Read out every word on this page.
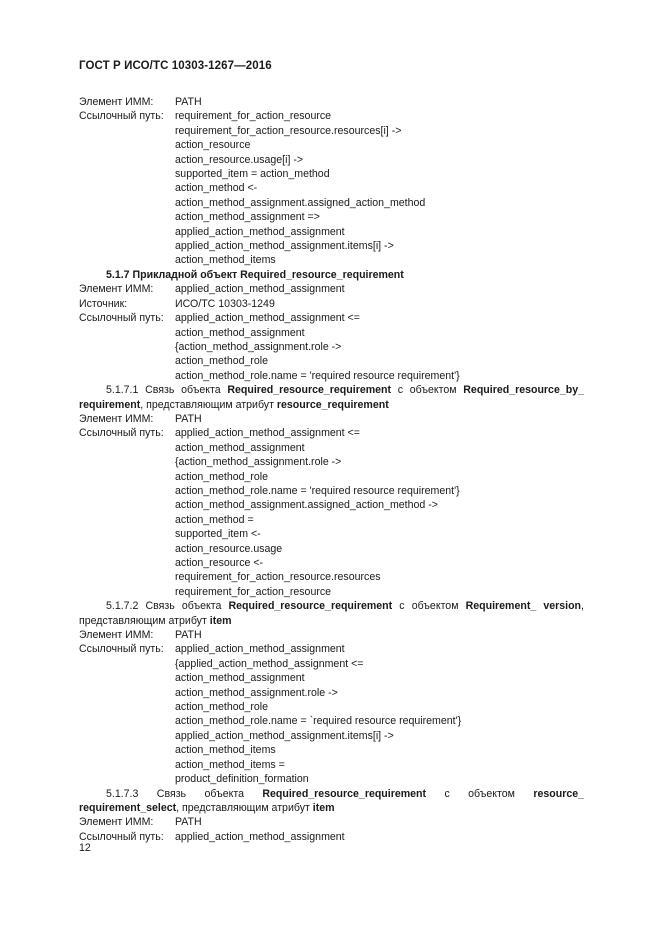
ГОСТ Р ИСО/ТС 10303-1267—2016
Элемент ИММ:	PATH
Ссылочный путь:	requirement_for_action_resource
requirement_for_action_resource.resources[i] ->
action_resource
action_resource.usage[i] ->
supported_item = action_method
action_method <-
action_method_assignment.assigned_action_method
action_method_assignment =>
applied_action_method_assignment
applied_action_method_assignment.items[i] ->
action_method_items
5.1.7 Прикладной объект Required_resource_requirement
Элемент ИММ:	applied_action_method_assignment
Источник:	ИСО/ТС 10303-1249
Ссылочный путь:	applied_action_method_assignment <=
action_method_assignment
{action_method_assignment.role ->
action_method_role
action_method_role.name = 'required resource requirement'}
5.1.7.1 Связь объекта Required_resource_requirement с объектом Required_resource_by_ requirement, представляющим атрибут resource_requirement
Элемент ИММ:	PATH
Ссылочный путь:	applied_action_method_assignment <=
action_method_assignment
{action_method_assignment.role ->
action_method_role
action_method_role.name = 'required resource requirement'}
action_method_assignment.assigned_action_method ->
action_method =
supported_item <-
action_resource.usage
action_resource <-
requirement_for_action_resource.resources
requirement_for_action_resource
5.1.7.2 Связь объекта Required_resource_requirement с объектом Requirement_ version, представляющим атрибут item
Элемент ИММ:	PATH
Ссылочный путь:	applied_action_method_assignment
{applied_action_method_assignment <=
action_method_assignment
action_method_assignment.role ->
action_method_role
action_method_role.name = `required resource requirement'}
applied_action_method_assignment.items[i] ->
action_method_items
action_method_items =
product_definition_formation
5.1.7.3 Связь объекта Required_resource_requirement с объектом resource_ requirement_select, представляющим атрибут item
Элемент ИММ:	PATH
Ссылочный путь:	applied_action_method_assignment
12
